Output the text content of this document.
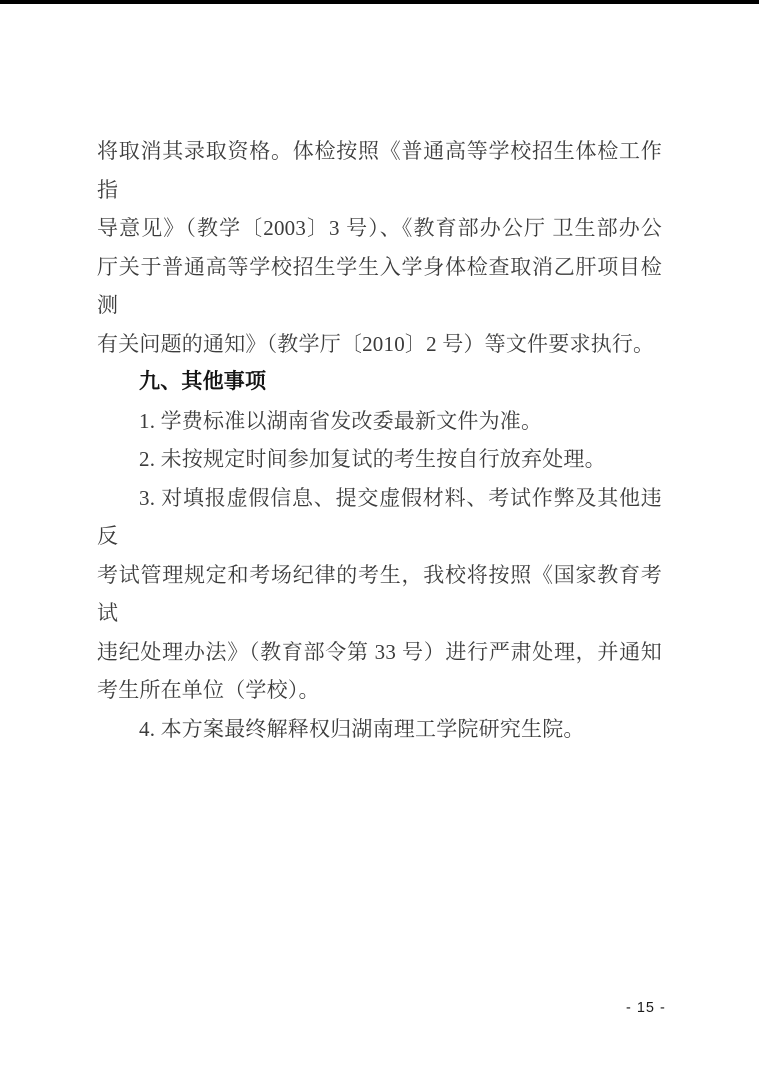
将取消其录取资格。体检按照《普通高等学校招生体检工作指
导意见》（教学〔2003〕3 号）、《教育部办公厅 卫生部办公
厅关于普通高等学校招生学生入学身体检查取消乙肝项目检测
有关问题的通知》（教学厅〔2010〕2 号）等文件要求执行。
九、其他事项
1. 学费标准以湖南省发改委最新文件为准。
2. 未按规定时间参加复试的考生按自行放弃处理。
3. 对填报虚假信息、提交虚假材料、考试作弊及其他违反
考试管理规定和考场纪律的考生，我校将按照《国家教育考试
违纪处理办法》（教育部令第 33 号）进行严肃处理，并通知
考生所在单位（学校）。
4. 本方案最终解释权归湖南理工学院研究生院。
- 15 -
